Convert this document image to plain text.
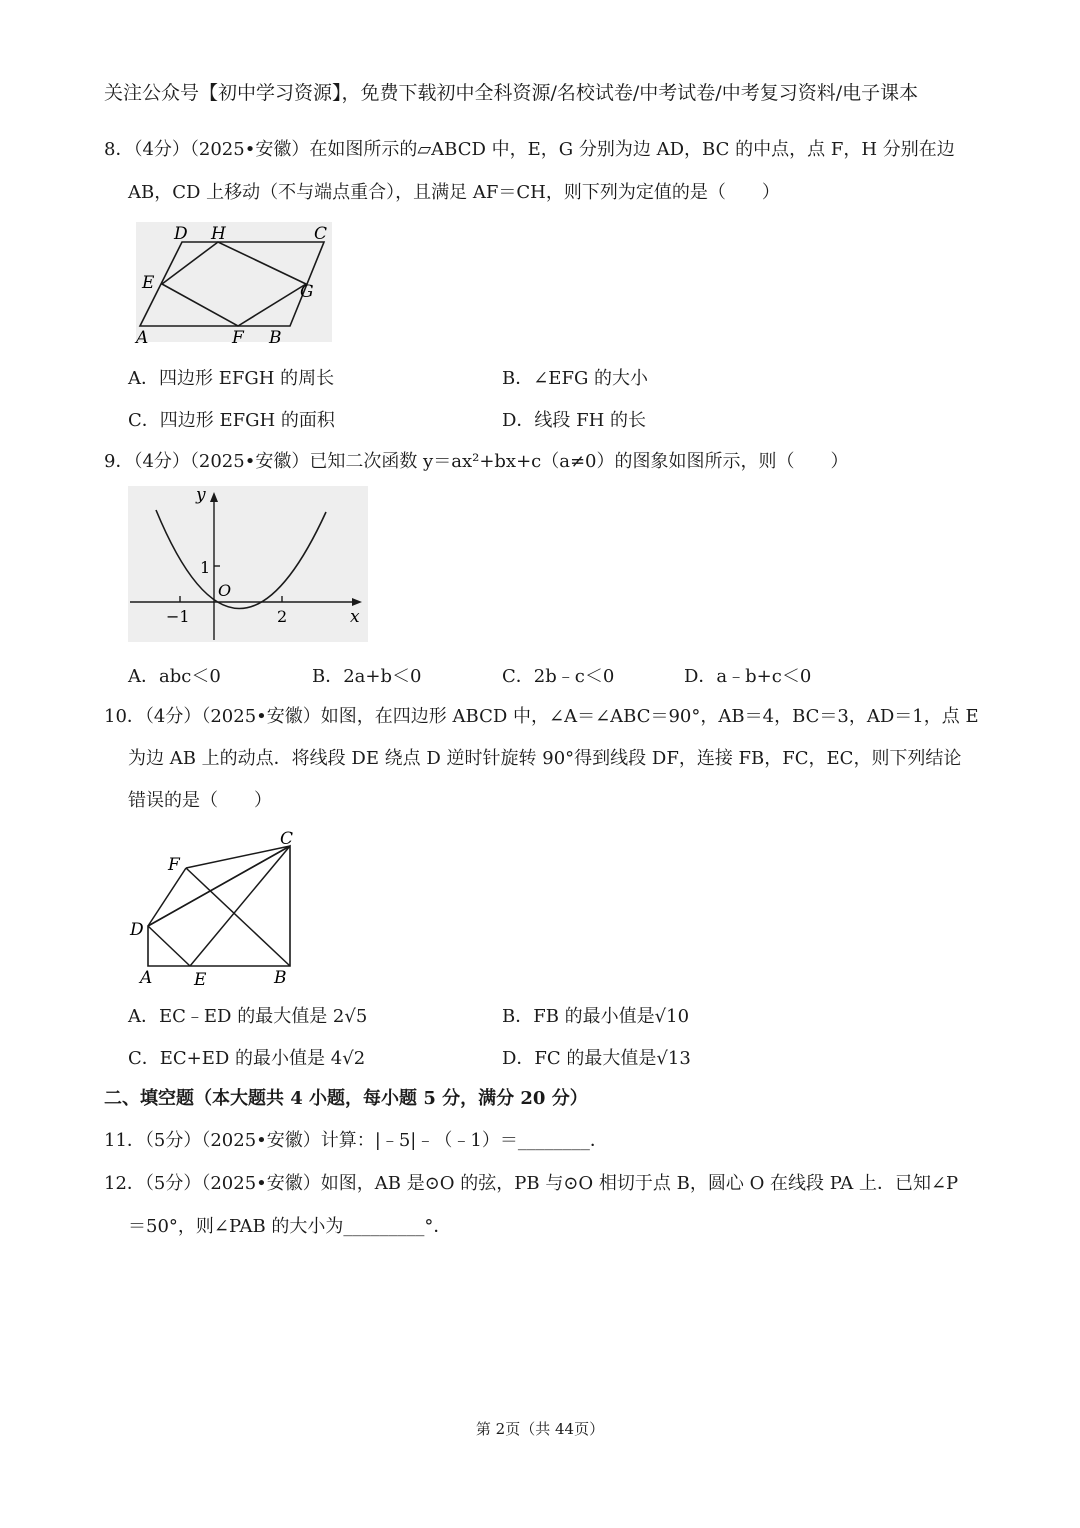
关注公众号【初中学习资源】，免费下载初中全科资源/名校试卷/中考试卷/中考复习资料/电子课本
8．（4分）（2025•安徽）在如图所示的▱ABCD 中，E，G 分别为边 AD，BC 的中点，点 F，H 分别在边
AB，CD 上移动（不与端点重合），且满足 AF＝CH，则下列为定值的是（　　）
A	B
C
D
E
F
G
H
A．四边形 EFGH 的周长	B．∠EFG 的大小
C．四边形 EFGH 的面积	D．线段 FH 的长
9．（4分）（2025•安徽）已知二次函数 y＝ax²+bx+c（a≠0）的图象如图所示，则（　　）
y
x
1
O
−1	2
A．abc＜0	B．2a+b＜0	C．2b﹣c＜0	D．a﹣b+c＜0
10．（4分）（2025•安徽）如图，在四边形 ABCD 中，∠A＝∠ABC＝90°，AB＝4，BC＝3，AD＝1，点 E
为边 AB 上的动点．将线段 DE 绕点 D 逆时针旋转 90°得到线段 DF，连接 FB，FC，EC，则下列结论
错误的是（　　）
A E	B
C
D
F
A．EC﹣ED 的最大值是 2√5	B．FB 的最小值是√10
C．EC+ED 的最小值是 4√2	D．FC 的最大值是√13
二、填空题（本大题共 4 小题，每小题 5 分，满分 20 分）
11．（5分）（2025•安徽）计算：|﹣5|﹣（﹣1）＝________．
12．（5分）（2025•安徽）如图，AB 是⊙O 的弦，PB 与⊙O 相切于点 B，圆心 O 在线段 PA 上．已知∠P
＝50°，则∠PAB 的大小为_________°．
第 2页（共 44页）
